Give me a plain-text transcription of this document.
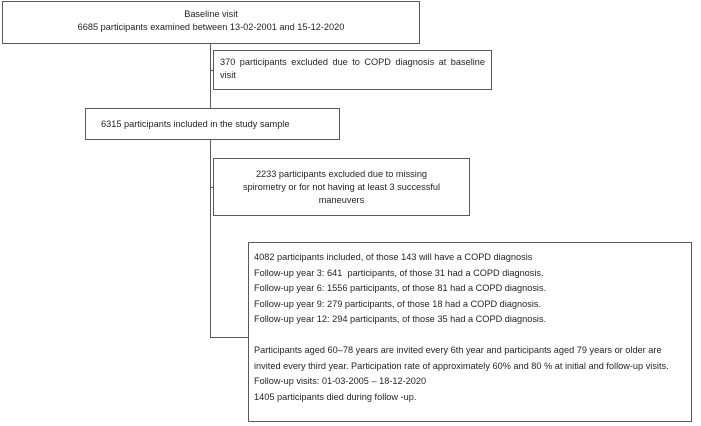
Baseline visit
6685 participants examined between 13-02-2001 and 15-12-2020
370 participants excluded due to COPD diagnosis at baseline visit
6315 participants included in the study sample
2233 participants excluded due to missing
spirometry or for not having at least 3 successful
maneuvers
4082 participants included, of those 143 will have a COPD diagnosis
Follow-up year 3: 641  participants, of those 31 had a COPD diagnosis.
Follow-up year 6: 1556 participants, of those 81 had a COPD diagnosis.
Follow-up year 9: 279 participants, of those 18 had a COPD diagnosis.
Follow-up year 12: 294 participants, of those 35 had a COPD diagnosis.
Participants aged 60–78 years are invited every 6th year and participants aged 79 years or older are invited every third year. Participation rate of approximately 60% and 80 % at initial and follow-up visits.
Follow-up visits: 01-03-2005 – 18-12-2020
1405 participants died during follow -up.
